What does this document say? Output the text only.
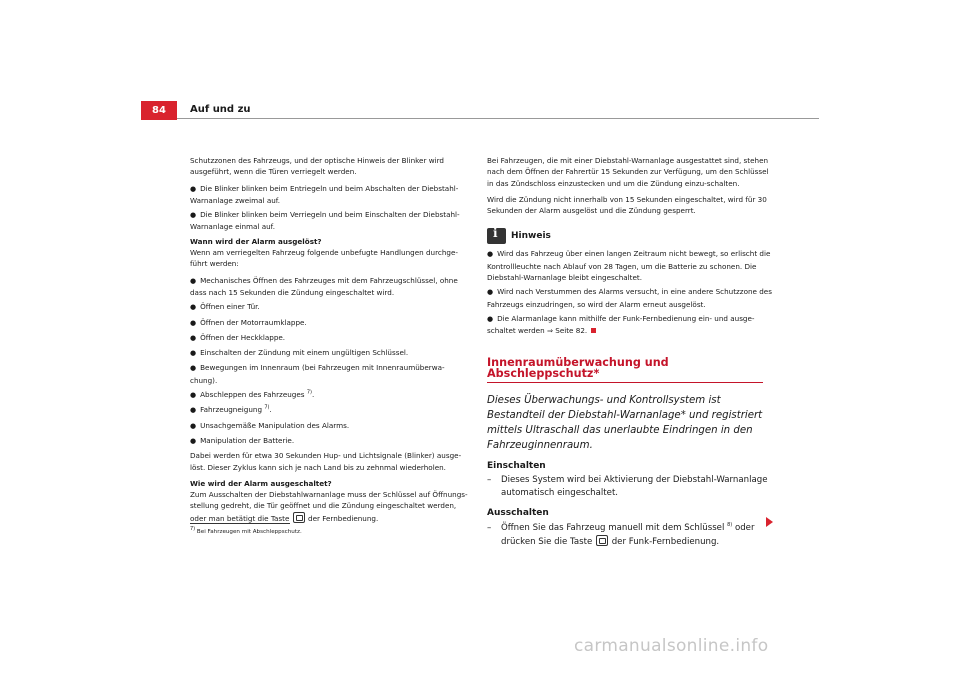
84	Auf und zu

Schutzzonen des Fahrzeugs, und der optische Hinweis der Blinker wird ausgeführt, wenn die Türen verriegelt werden.

● Die Blinker blinken beim Entriegeln und beim Abschalten der Diebstahl-Warnanlage zweimal auf.

● Die Blinker blinken beim Verriegeln und beim Einschalten der Diebstahl-Warnanlage einmal auf.

Wann wird der Alarm ausgelöst?

Wenn am verriegelten Fahrzeug folgende unbefugte Handlungen durchge-führt werden:

● Mechanisches Öffnen des Fahrzeuges mit dem Fahrzeugschlüssel, ohne dass nach 15 Sekunden die Zündung eingeschaltet wird.

● Öffnen einer Tür.

● Öffnen der Motorraumklappe.

● Öffnen der Heckklappe.

● Einschalten der Zündung mit einem ungültigen Schlüssel.

● Bewegungen im Innenraum (bei Fahrzeugen mit Innenraumüberwa-chung).

● Abschleppen des Fahrzeuges $^{7)}$.

● Fahrzeugneigung $^{7)}$.

● Unsachgemäße Manipulation des Alarms.

● Manipulation der Batterie.

Dabei werden für etwa 30 Sekunden Hup- und Lichtsignale (Blinker) ausge-löst. Dieser Zyklus kann sich je nach Land bis zu zehnmal wiederholen.

Wie wird der Alarm ausgeschaltet?

Zum Ausschalten der Diebstahlwarnanlage muss der Schlüssel auf Öffnungs-stellung gedreht, die Tür geöffnet und die Zündung eingeschaltet werden, oder man betätigt die Taste	der Fernbedienung.

Bei Fahrzeugen, die mit einer Diebstahl-Warnanlage ausgestattet sind, stehen nach dem Öffnen der Fahrertür 15 Sekunden zur Verfügung, um den Schlüssel in das Zündschloss einzustecken und um die Zündung einzu-schalten.

Wird die Zündung nicht innerhalb von 15 Sekunden eingeschaltet, wird für 30 Sekunden der Alarm ausgelöst und die Zündung gesperrt.

i
Hinweis

● Wird das Fahrzeug über einen langen Zeitraum nicht bewegt, so erlischt die Kontrollleuchte nach Ablauf von 28 Tagen, um die Batterie zu schonen. Die Diebstahl-Warnanlage bleibt eingeschaltet.

● Wird nach Verstummen des Alarms versucht, in eine andere Schutzzone des Fahrzeugs einzudringen, so wird der Alarm erneut ausgelöst.

● Die Alarmanlage kann mithilfe der Funk-Fernbedienung ein- und ausge-schaltet werden ⇒ Seite 82.

Innenraumüberwachung und Abschleppschutz*

Dieses Überwachungs- und Kontrollsystem ist Bestandteil der Diebstahl-Warnanlage* und registriert mittels Ultraschall das unerlaubte Eindringen in den Fahrzeuginnenraum.

Einschalten

–	Dieses System wird bei Aktivierung der Diebstahl-Warnanlage automatisch eingeschaltet.

Ausschalten

–	Öffnen Sie das Fahrzeug manuell mit dem Schlüssel $^{8)}$ oder drücken Sie die Taste der Funk-Fernbedienung.
$^{7)}$ Bei Fahrzeugen mit Abschleppschutz.
carmanualsonline.info
